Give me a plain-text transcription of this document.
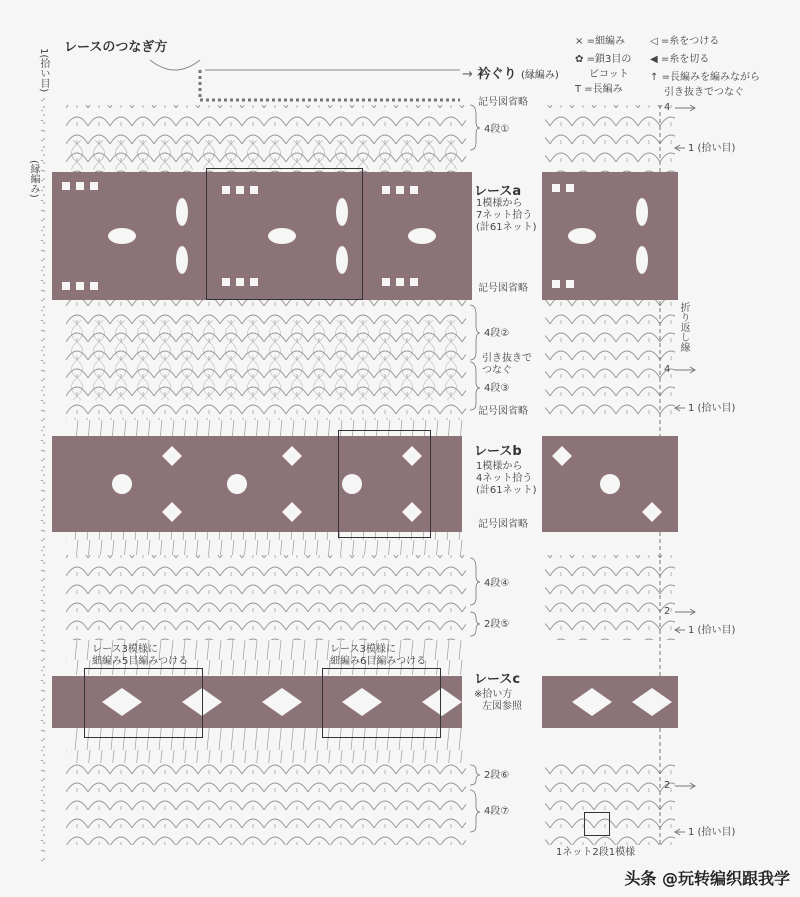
レースのつなぎ方	× =細編み
✿ =鎖3目の
ピコット
T =長編み
◁ =糸をつける
◀ =糸を切る
↑ =長編みを編みながら
引き抜きでつなぐ
→ 衿ぐり (縁編み)
1(拾い目)
(縁編み)
記号図省略
4段①
レースa
1模様から
7ネット拾う
(計61ネット)
記号図省略
4段②
引き抜きで
つなぐ
4段③
記号図省略
レースb
1模様から
4ネット拾う
(計61ネット)
記号図省略
4段④
2段⑤
レース3模様に
細編み5目編みつける
レース3模様に
細編み6目編みつける
レースc
※拾い方
左図参照
2段⑥
4段⑦
4
1 (拾い目)
折り返し線
4
1 (拾い目)
2
1 (拾い目)
2
1 (拾い目)
1ネット2段1模様
头条 @玩转编织跟我学
